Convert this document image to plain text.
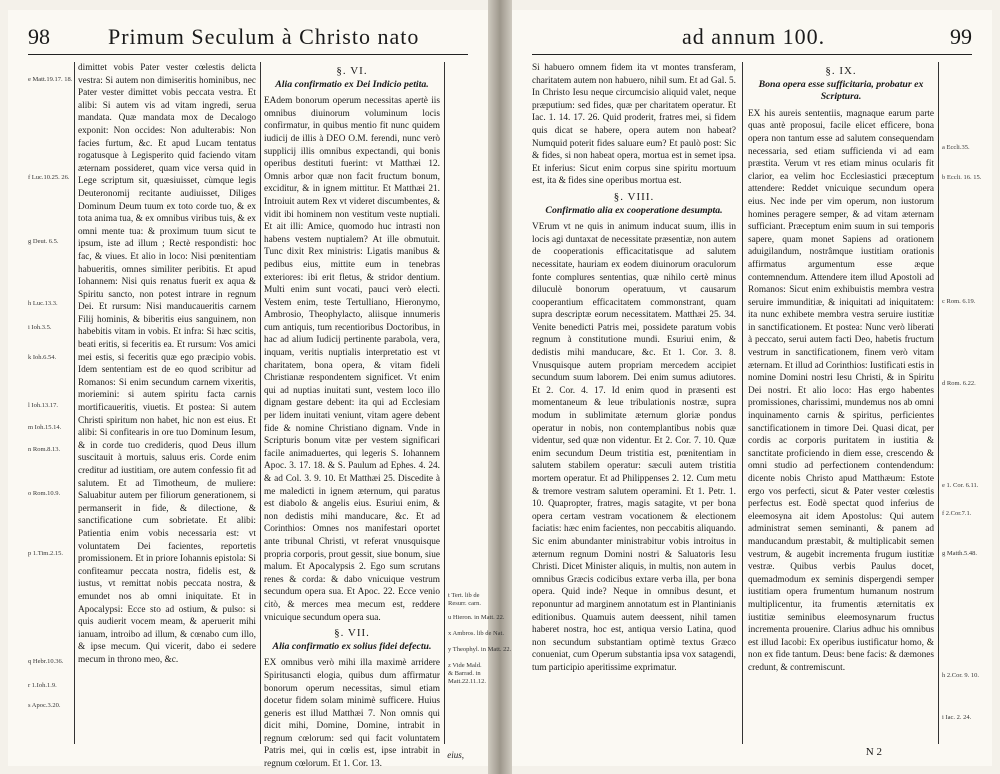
98	Primum Seculum à Christo nato
e Matt.19.17. 18.
f Luc.10.25. 26.
g Deut. 6.5.
h Luc.13.3.
i Ioh.3.5.
k Ioh.6.54.
l Ioh.13.17.
m Ioh.15.14.
n Rom.8.13.
o Rom.10.9.
p 1.Tim.2.15.
q Hebr.10.36.
r 1.Ioh.1.9.
s Apoc.3.20.

dimittet vobis Pater vester cœlestis delicta vestra: Si autem non dimiseritis hominibus, nec Pater vester dimittet vobis peccata vestra. Et alibi: Si autem vis ad vitam ingredi, serua mandata. Quæ mandata mox de Decalogo exponit: Non occides: Non adulterabis: Non facies furtum, &c. Et apud Lucam tentatus rogatusque à Legisperito quid faciendo vitam æternam possideret, quam vice versa quid in Lege scriptum sit, quæsiuisset, cùmque legis Deuteronomij recitante audiuisset, Diliges Dominum Deum tuum ex toto corde tuo, & ex tota anima tua, & ex omnibus viribus tuis, & ex omni mente tua: & proximum tuum sicut te ipsum, iste ad illum ; Rectè respondisti: hoc fac, & viues. Et alio in loco: Nisi pœnitentiam habueritis, omnes similiter peribitis. Et apud Iohannem: Nisi quis renatus fuerit ex aqua & Spiritu sancto, non potest intrare in regnum Dei. Et rursum: Nisi manducaueritis carnem Filij hominis, & biberitis eius sanguinem, non habebitis vitam in vobis. Et infra: Si hæc scitis, beati eritis, si feceritis ea. Et rursum: Vos amici mei estis, si feceritis quæ ego præcipio vobis. Idem sententiam est de eo quod scribitur ad Romanos: Si enim secundum carnem vixeritis, moriemini: si autem spiritu facta carnis mortificaueritis, viuetis. Et postea: Si autem Christi spiritum non habet, hic non est eius. Et alibi: Si confitearis in ore tuo Dominum Iesum, & in corde tuo credideris, quod Deus illum suscitauit à mortuis, saluus eris. Corde enim creditur ad iustitiam, ore autem confessio fit ad salutem. Et ad Timotheum, de muliere: Saluabitur autem per filiorum generationem, si permanserit in fide, & dilectione, & sanctificatione cum sobrietate. Et alibi: Patientia enim vobis necessaria est: vt voluntatem Dei facientes, reportetis promissionem. Et in priore Iohannis epistola: Si confiteamur peccata nostra, fidelis est, & iustus, vt remittat nobis peccata nostra, & emundet nos ab omni iniquitate. Et in Apocalypsi: Ecce sto ad ostium, & pulso: si quis audierit vocem meam, & aperuerit mihi ianuam, introibo ad illum, & cœnabo cum illo, & ipse mecum. Qui vicerit, dabo ei sedere mecum in throno meo, &c.

§. VI.
Alia confirmatio ex Dei Indicio petita.

EAdem bonorum operum necessitas apertè iis omnibus diuinorum voluminum locis confirmatur, in quibus mentio fit nunc quidem iudicij de illis à DEO O.M. ferendi, nunc verò supplicij illis omnibus expectandi, qui bonis operibus destituti fuerint: vt Matthæi 12. Omnis arbor quæ non facit fructum bonum, exciditur, & in ignem mittitur. Et Matthæi 21. Introiuit autem Rex vt videret discumbentes, & vidit ibi hominem non vestitum veste nuptiali. Et ait illi: Amice, quomodo huc intrasti non habens vestem nuptialem? At ille obmutuit. Tunc dixit Rex ministris: Ligatis manibus & pedibus eius, mittite eum in tenebras exteriores: ibi erit fletus, & stridor dentium. Multi enim sunt vocati, pauci verò electi. Vestem enim, teste Tertulliano, Hieronymo, Ambrosio, Theophylacto, aliisque innumeris cum antiquis, tum recentioribus Doctoribus, in hac ad alium Iudicij pertinente parabola, vera, inquam, veritis nuptialis interpretatio est vt charitatem, bona opera, & vitam fideli Christianæ respondentem significet. Vt enim qui ad nuptias inuitati sunt, vestem loco illo dignam gestare debent: ita qui ad Ecclesiam per lidem inuitati veniunt, vitam agere debent fide & nomine Christiano dignam. Vnde in Scripturis bonum vitæ per vestem significari facile animaduertes, qui legeris S. Iohannem Apoc. 3. 17. 18. & S. Paulum ad Ephes. 4. 24. & ad Col. 3. 9. 10. Et Matthæi 25. Discedite à me maledicti in ignem æternum, qui paratus est diabolo & angelis eius. Esuriui enim, & non dedistis mihi manducare, &c. Et ad Corinthios: Omnes nos manifestari oportet ante tribunal Christi, vt referat vnusquisque propria corporis, prout gessit, siue bonum, siue malum. Et Apocalypsis 2. Ego sum scrutans renes & corda: & dabo vnicuique vestrum secundum opera sua. Et Apoc. 22. Ecce venio citò, & merces mea mecum est, reddere vnicuique secundum opera sua.

§. VII.
Alia confirmatio ex solius fidei defectu.

EX omnibus verò mihi illa maximè arridere Spiritusancti elogia, quibus dum affirmatur bonorum operum necessitas, simul etiam docetur fidem solam minimè sufficere. Huius generis est illud Matthæi 7. Non omnis qui dicit mihi, Domine, Domine, intrabit in regnum cœlorum: sed qui facit voluntatem Patris mei, qui in cœlis est, ipse intrabit in regnum cœlorum. Et 1. Cor. 13.

t Tert. lib de Resurr. carn.
u Hieron. in Matt. 22.
x Ambros. lib de Nat.
y Theophyl. in Matt. 22.
z Vide Mald. & Barrad. in Matt.22.11.12.
eius,
ad annum 100.	99

Si habuero omnem fidem ita vt montes transferam, charitatem autem non habuero, nihil sum. Et ad Gal. 5. In Christo Iesu neque circumcisio aliquid valet, neque præputium: sed fides, quæ per charitatem operatur. Et Iac. 1. 14. 17. 26. Quid proderit, fratres mei, si fidem quis dicat se habere, opera autem non habeat? Numquid poterit fides saluare eum? Et paulò post: Sic & fides, si non habeat opera, mortua est in semet ipsa. Et inferius: Sicut enim corpus sine spiritu mortuum est, ita & fides sine operibus mortua est.

§. VIII.
Confirmatio alia ex cooperatione desumpta.

VErum vt ne quis in animum inducat suum, illis in locis agi duntaxat de necessitate præsentiæ, non autem de cooperationis efficacitatisque ad salutem necessitate, hauriam ex eodem diuinorum oraculorum fonte complures sententias, quæ nihilo certè minus diluculè bonorum operatuum, vt causarum cooperantium efficacitatem commonstrant, quam supra descriptæ eorum necessitatem. Matthæi 25. 34. Venite benedicti Patris mei, possidete paratum vobis regnum à constitutione mundi. Esuriui enim, & dedistis mihi manducare, &c. Et 1. Cor. 3. 8. Vnusquisque autem propriam mercedem accipiet secundum suum laborem. Dei enim sumus adiutores. Et 2. Cor. 4. 17. Id enim quod in præsenti est momentaneum & leue tribulationis nostræ, supra modum in sublimitate æternum gloriæ pondus operatur in nobis, non contemplantibus nobis quæ videntur, sed quæ non videntur. Et 2. Cor. 7. 10. Quæ enim secundum Deum tristitia est, pœnitentiam in salutem stabilem operatur: sæculi autem tristitia mortem operatur. Et ad Philippenses 2. 12. Cum metu & tremore vestram salutem operamini. Et 1. Petr. 1. 10. Quapropter, fratres, magis satagite, vt per bona opera certam vestram vocationem & electionem faciatis: hæc enim facientes, non peccabitis aliquando. Sic enim abundanter ministrabitur vobis introitus in æternum regnum Domini nostri & Saluatoris Iesu Christi. Dicet Minister aliquis, in multis, non autem in omnibus Græcis codicibus extare verba illa, per bona opera. Quid inde? Neque in omnibus desunt, et reponuntur ad marginem annotatum est in Plantinianis editionibus. Quamuis autem deessent, nihil tamen haberet nostra, hoc est, antiqua versio Latina, quod non secundum substantiam optimè textus Græco conueniat, cum Operum substantia ipsa vox satagendi, tum participio aperitissime exprimatur.

§. IX.
Bona opera esse sufficitaria, probatur ex Scriptura.

EX his aureis sententiis, magnaque earum parte quas antè proposui, facile elicet efficere, bona opera non tantum esse ad salutem consequendam necessaria, sed etiam sufficienda vi ad eam præstita. Verum vt res etiam minus ocularis fit clarior, ea velim hoc Ecclesiastici præceptum attendere: Reddet vnicuique secundum opera eius. Nec inde per vim operum, non iustorum homines peragere semper, & ad vitam æternam sufficiant. Præceptum enim suum in sui temporis sapere, quam monet Sapiens ad orationem aduigilandum, nostrâmque iustitiam orationis affirmatus argumentum esse æque contemnendum. Attendere item illud Apostoli ad Romanos: Sicut enim exhibuistis membra vestra seruire immunditiæ, & iniquitati ad iniquitatem: ita nunc exhibete membra vestra seruire iustitiæ in sanctificationem. Et postea: Nunc verò liberati à peccato, serui autem facti Deo, habetis fructum vestrum in sanctificationem, finem verò vitam æternam. Et illud ad Corinthios: Iustificati estis in nomine Domini nostri Iesu Christi, & in Spiritu Dei nostri. Et alio loco: Has ergo habentes promissiones, charissimi, mundemus nos ab omni inquinamento carnis & spiritus, perficientes sanctificationem in timore Dei. Quasi dicat, per cordis ac corporis puritatem in iustitia & sanctitate proficiendo in diem esse, crescendo & omni studio ad perfectionem contendendum: dicente nobis Christo apud Matthæum: Estote ergo vos perfecti, sicut & Pater vester cœlestis perfectus est. Eodè spectat quod inferius de eleemosyna ait idem Apostolus: Qui autem administrat semen seminanti, & panem ad manducandum præstabit, & multiplicabit semen vestrum, & augebit incrementa frugum iustitiæ vestræ. Quibus verbis Paulus docet, quemadmodum ex seminis dispergendi semper iustitiam opera frumentum humanum nostrum multiplicentur, ita frumentis æternitatis ex iustitiæ seminibus eleemosynarum fructus incrementa prouenire. Clarius adhuc his omnibus est illud Iacobi: Ex operibus iustificatur homo, & non ex fide tantum. Deus: bene facis: & dæmones credunt, & contremiscunt.

a Eccli.35.
b Eccli. 16. 15.
c Rom. 6.19.
d Rom. 6.22.
e 1. Cor. 6.11.
f 2.Cor.7.1.
g Matth.5.48.
h 2.Cor. 9. 10.
i Iac. 2. 24.
N 2
